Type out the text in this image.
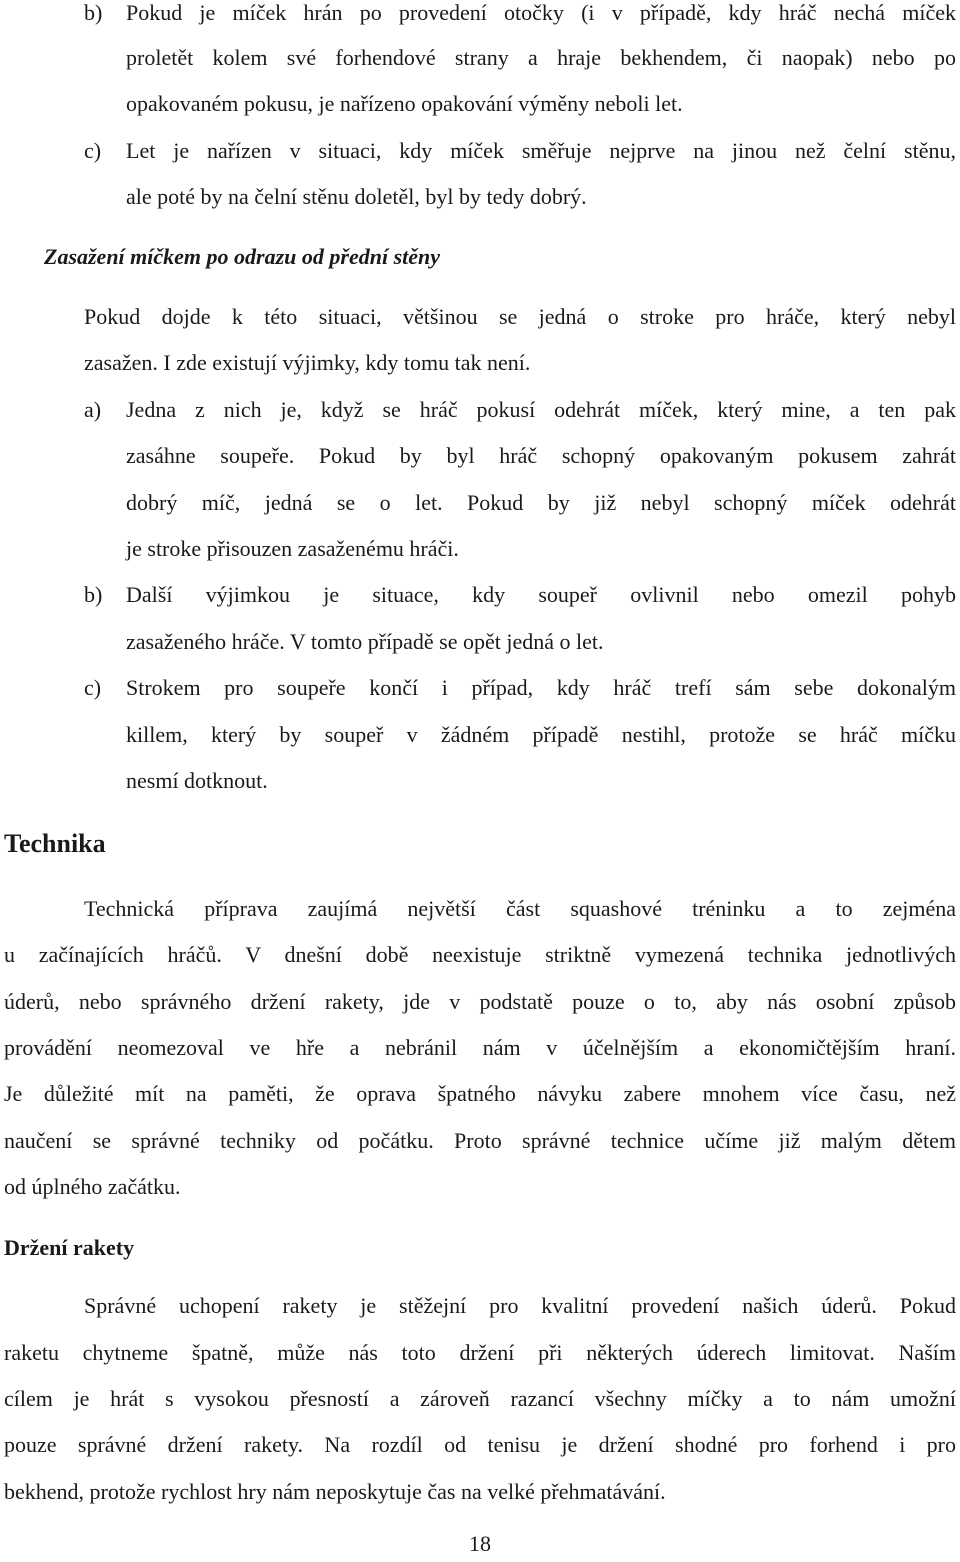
b)	Pokud je míček hrán po provedení otočky (i v případě, kdy hráč nechá míček
proletět kolem své forhendové strany a hraje bekhendem, či naopak) nebo po
opakovaném pokusu, je nařízeno opakování výměny neboli let.
c)	Let je nařízen v situaci, kdy míček směřuje nejprve na jinou než čelní stěnu,
ale poté by na čelní stěnu doletěl, byl by tedy dobrý.
Zasažení míčkem po odrazu od přední stěny
Pokud dojde k této situaci, většinou se jedná o stroke pro hráče, který nebyl
zasažen. I zde existují výjimky, kdy tomu tak není.
a)	Jedna z nich je, když se hráč pokusí odehrát míček, který mine, a ten pak
zasáhne soupeře. Pokud by byl hráč schopný opakovaným pokusem zahrát
dobrý míč, jedná se o let. Pokud by již nebyl schopný míček odehrát
je stroke přisouzen zasaženému hráči.
b)	Další výjimkou je situace, kdy soupeř ovlivnil nebo omezil pohyb
zasaženého hráče. V tomto případě se opět jedná o let.
c)	Strokem pro soupeře končí i případ, kdy hráč trefí sám sebe dokonalým
killem, který by soupeř v žádném případě nestihl, protože se hráč míčku
nesmí dotknout.
Technika
Technická příprava zaujímá největší část squashové tréninku a to zejména
u začínajících hráčů. V dnešní době neexistuje striktně vymezená technika jednotlivých
úderů, nebo správného držení rakety, jde v podstatě pouze o to, aby nás osobní způsob
provádění neomezoval ve hře a nebránil nám v účelnějším a ekonomičtějším hraní.
Je důležité mít na paměti, že oprava špatného návyku zabere mnohem více času, než
naučení se správné techniky od počátku. Proto správné technice učíme již malým dětem
od úplného začátku.
Držení rakety
Správné uchopení rakety je stěžejní pro kvalitní provedení našich úderů. Pokud
raketu chytneme špatně, může nás toto držení při některých úderech limitovat. Naším
cílem je hrát s vysokou přesností a zároveň razancí všechny míčky a to nám umožní
pouze správné držení rakety. Na rozdíl od tenisu je držení shodné pro forhend i pro
bekhend, protože rychlost hry nám neposkytuje čas na velké přehmatávání.
18
